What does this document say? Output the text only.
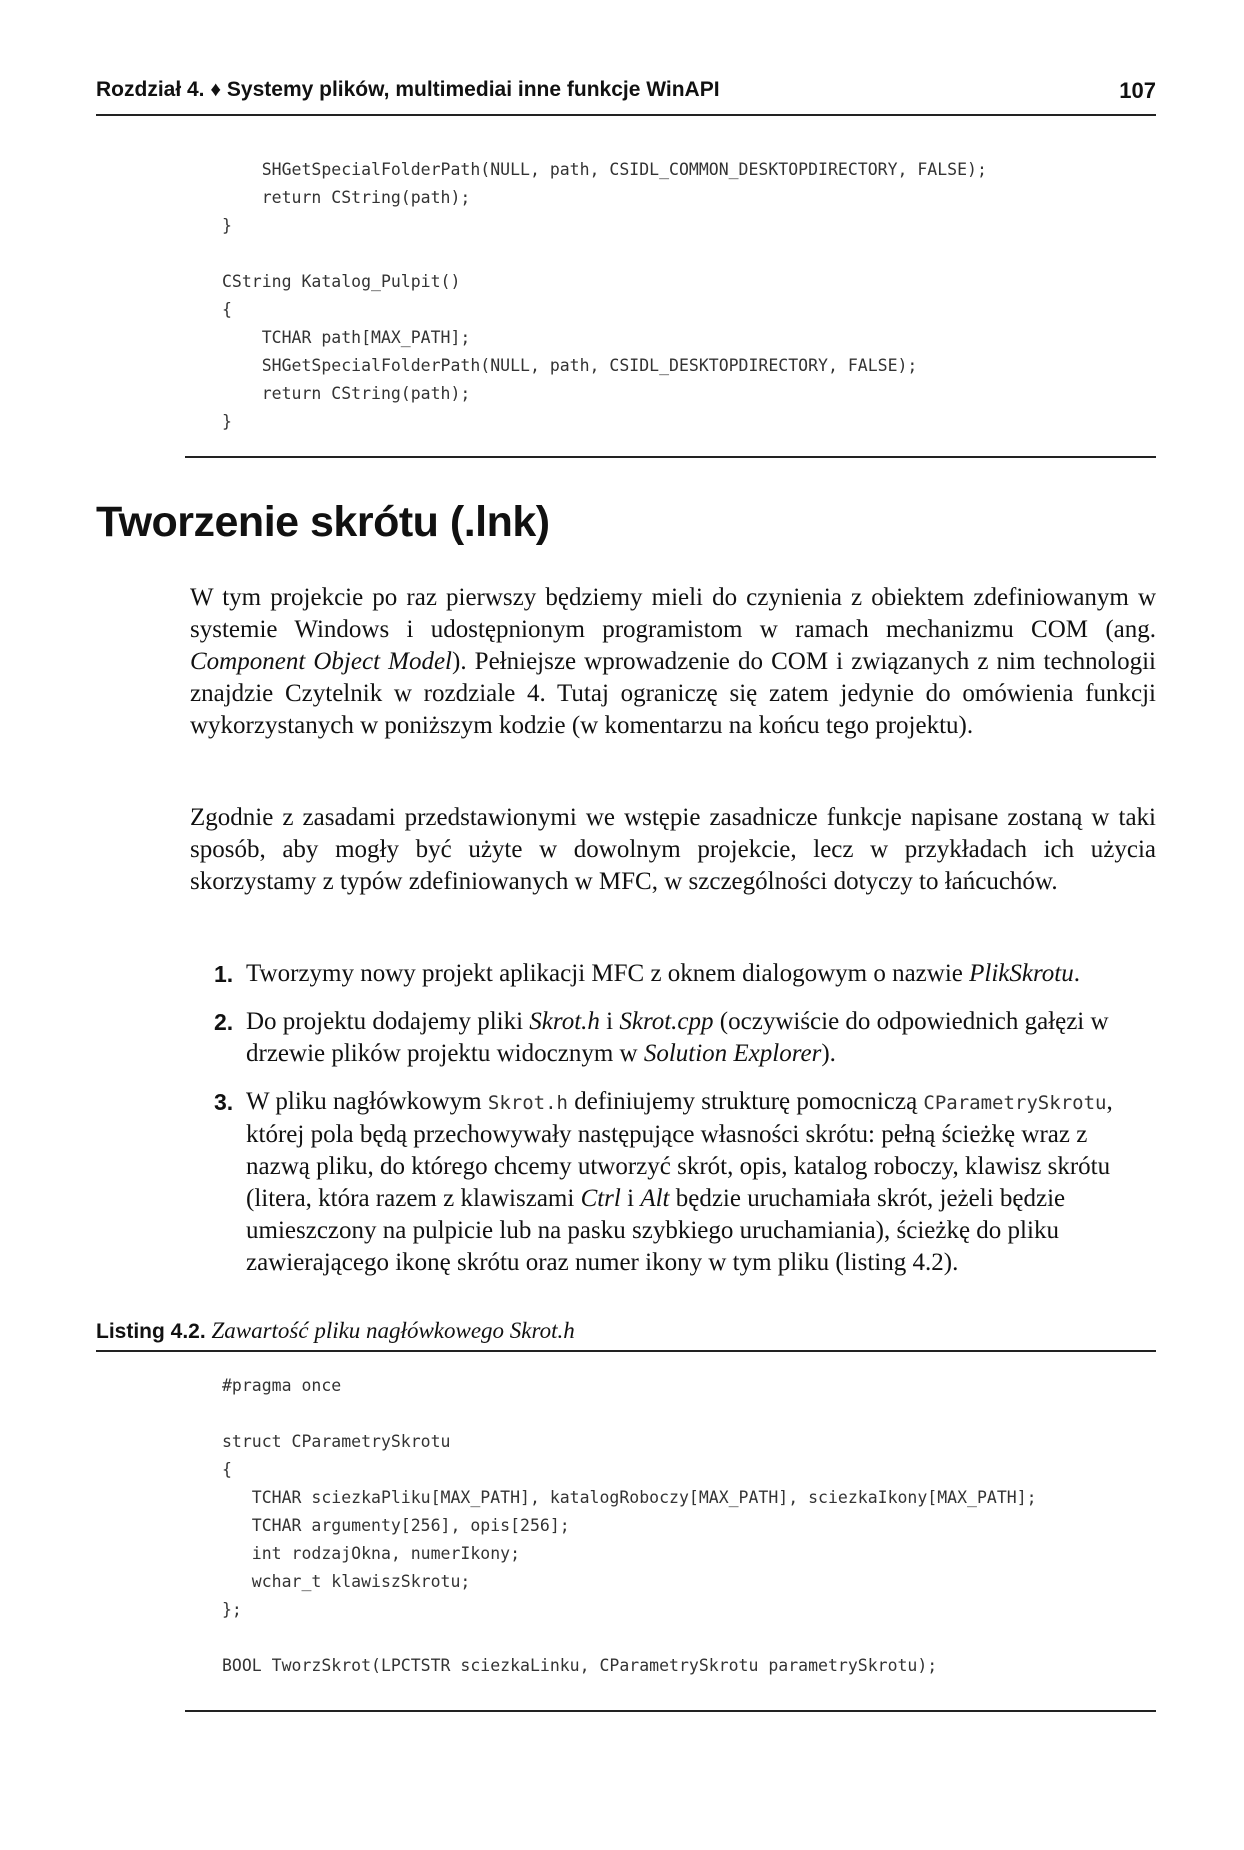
Rozdział 4. ♦ Systemy plików, multimediai inne funkcje WinAPI	107
SHGetSpecialFolderPath(NULL, path, CSIDL_COMMON_DESKTOPDIRECTORY, FALSE);
return CString(path);
}

CString Katalog_Pulpit()
{
TCHAR path[MAX_PATH];
SHGetSpecialFolderPath(NULL, path, CSIDL_DESKTOPDIRECTORY, FALSE);
return CString(path);
}
Tworzenie skrótu (.lnk)

W tym projekcie po raz pierwszy będziemy mieli do czynienia z obiektem zdefiniowanym w systemie Windows i udostępnionym programistom w ramach mechanizmu COM (ang. Component Object Model). Pełniejsze wprowadzenie do COM i związanych z nim technologii znajdzie Czytelnik w rozdziale 4. Tutaj ograniczę się zatem jedynie do omówienia funkcji wykorzystanych w poniższym kodzie (w komentarzu na końcu tego projektu).

Zgodnie z zasadami przedstawionymi we wstępie zasadnicze funkcje napisane zostaną w taki sposób, aby mogły być użyte w dowolnym projekcie, lecz w przykładach ich użycia skorzystamy z typów zdefiniowanych w MFC, w szczególności dotyczy to łańcuchów.

1. Tworzymy nowy projekt aplikacji MFC z oknem dialogowym o nazwie PlikSkrotu.
2. Do projektu dodajemy pliki Skrot.h i Skrot.cpp (oczywiście do odpowiednich gałęzi w drzewie plików projektu widocznym w Solution Explorer).
3. W pliku nagłówkowym Skrot.h definiujemy strukturę pomocniczą CParametrySkrotu, której pola będą przechowywały następujące własności skrótu: pełną ścieżkę wraz z nazwą pliku, do którego chcemy utworzyć skrót, opis, katalog roboczy, klawisz skrótu (litera, która razem z klawiszami Ctrl i Alt będzie uruchamiała skrót, jeżeli będzie umieszczony na pulpicie lub na pasku szybkiego uruchamiania), ścieżkę do pliku zawierającego ikonę skrótu oraz numer ikony w tym pliku (listing 4.2).
Listing 4.2. Zawartość pliku nagłówkowego Skrot.h
#pragma once

struct CParametrySkrotu
{
TCHAR sciezkaPliku[MAX_PATH], katalogRoboczy[MAX_PATH], sciezkaIkony[MAX_PATH];
TCHAR argumenty[256], opis[256];
int rodzajOkna, numerIkony;
wchar_t klawiszSkrotu;
};

BOOL TworzSkrot(LPCTSTR sciezkaLinku, CParametrySkrotu parametrySkrotu);
